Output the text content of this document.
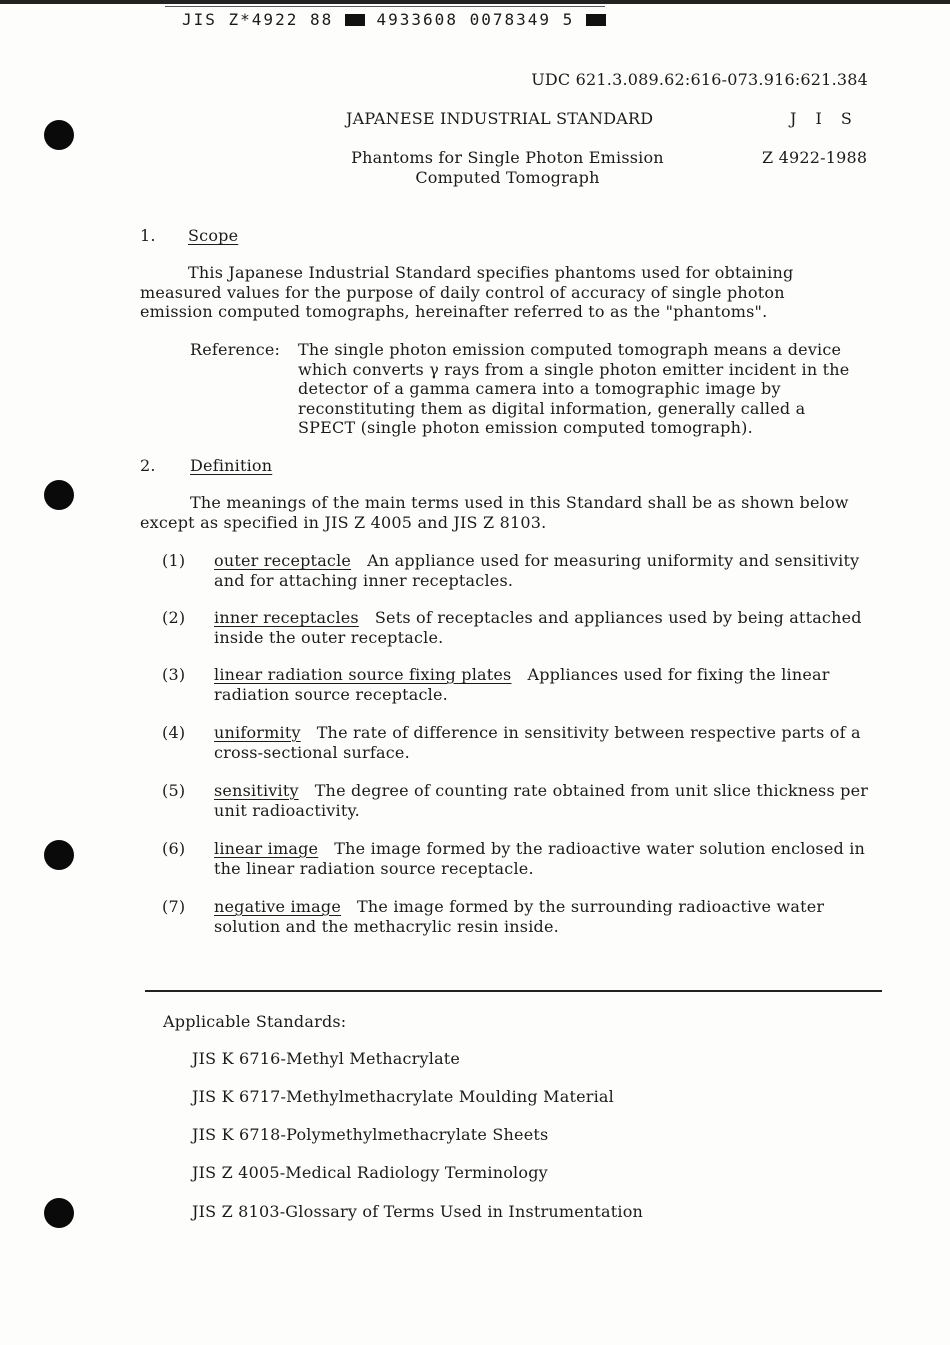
JIS Z*4922 88	4933608 0078349 5
UDC 621.3.089.62:616-073.916:621.384
JAPANESE INDUSTRIAL STANDARD	J I S
Phantoms for Single Photon Emission
Computed Tomograph
Z 4922-1988
1. Scope
This Japanese Industrial Standard specifies phantoms used for obtaining measured values for the purpose of daily control of accuracy of single photon emission computed tomographs, hereinafter referred to as the "phantoms".
Reference: The single photon emission computed tomograph means a device which converts γ rays from a single photon emitter incident in the detector of a gamma camera into a tomographic image by reconstituting them as digital information, generally called a SPECT (single photon emission computed tomograph).
2. Definition
The meanings of the main terms used in this Standard shall be as shown below except as specified in JIS Z 4005 and JIS Z 8103.
(1) outer receptacle An appliance used for measuring uniformity and sensitivity and for attaching inner receptacles.
(2) inner receptacles Sets of receptacles and appliances used by being attached inside the outer receptacle.
(3) linear radiation source fixing plates Appliances used for fixing the linear radiation source receptacle.
(4) uniformity The rate of difference in sensitivity between respective parts of a cross-sectional surface.
(5) sensitivity The degree of counting rate obtained from unit slice thickness per unit radioactivity.
(6) linear image The image formed by the radioactive water solution enclosed in the linear radiation source receptacle.
(7) negative image The image formed by the surrounding radioactive water solution and the methacrylic resin inside.
Applicable Standards:
JIS K 6716-Methyl Methacrylate
JIS K 6717-Methylmethacrylate Moulding Material
JIS K 6718-Polymethylmethacrylate Sheets
JIS Z 4005-Medical Radiology Terminology
JIS Z 8103-Glossary of Terms Used in Instrumentation
